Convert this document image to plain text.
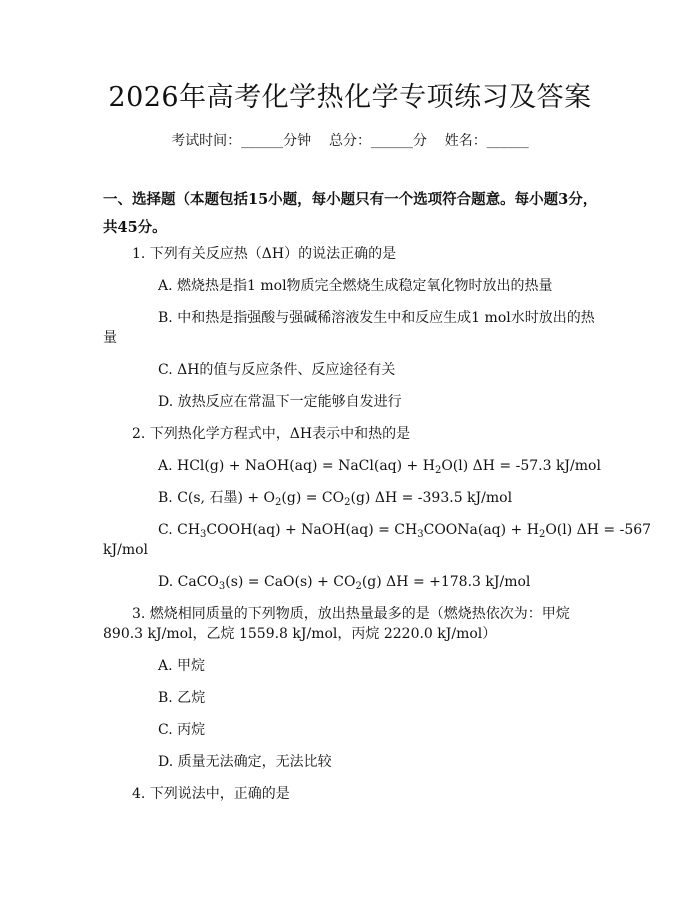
2026年高考化学热化学专项练习及答案
考试时间：______分钟    总分：______分    姓名：______
一、选择题（本题包括15小题，每小题只有一个选项符合题意。每小题3分，共45分。
1. 下列有关反应热（ΔH）的说法正确的是
A. 燃烧热是指1 mol物质完全燃烧生成稳定氧化物时放出的热量
B. 中和热是指强酸与强碱稀溶液发生中和反应生成1 mol水时放出的热
量
C. ΔH的值与反应条件、反应途径有关
D. 放热反应在常温下一定能够自发进行
2. 下列热化学方程式中，ΔH表示中和热的是
A. HCl(g) + NaOH(aq) = NaCl(aq) + $H_2O(l) \Delta H = -57.3$ kJ/mol
B. C(s, 石墨) + $O_2(g) = CO_2(g) \Delta H = -393.5$ kJ/mol
C. $CH_3COOH(aq)$ + NaOH(aq) = $CH_3COONa(aq) + H_2O(l) \Delta H = -567$
kJ/mol
D. CaCO$_3$(s) = $CaO(s) + CO_2(g) \Delta H = +178.3$ kJ/mol
3. 燃烧相同质量的下列物质，放出热量最多的是（燃烧热依次为：甲烷
890.3 kJ/mol，乙烷 1559.8 kJ/mol，丙烷 2220.0 kJ/mol）
A. 甲烷
B. 乙烷
C. 丙烷
D. 质量无法确定，无法比较
4. 下列说法中，正确的是
